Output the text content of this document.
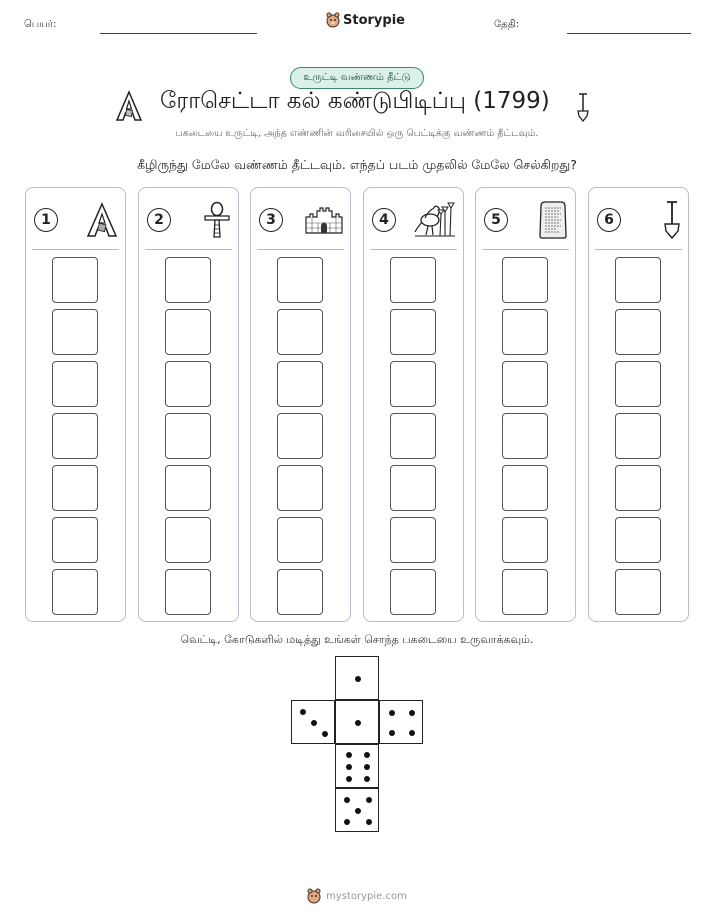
பெயர்:	Storypie	தேதி:
உருட்டி வண்ணம் தீட்டு
ரோசெட்டா கல் கண்டுபிடிப்பு (1799)
பகடையை உருட்டி, அந்த எண்ணின் வரிசையில் ஒரு பெட்டிக்கு வண்ணம் தீட்டவும்.
கீழிருந்து மேலே வண்ணம் தீட்டவும். எந்தப் படம் முதலில் மேலே செல்கிறது?
1	2	3	4	5	6
வெட்டி, கோடுகளில் மடித்து உங்கள் சொந்த பகடையை உருவாக்கவும்.
mystorypie.com
